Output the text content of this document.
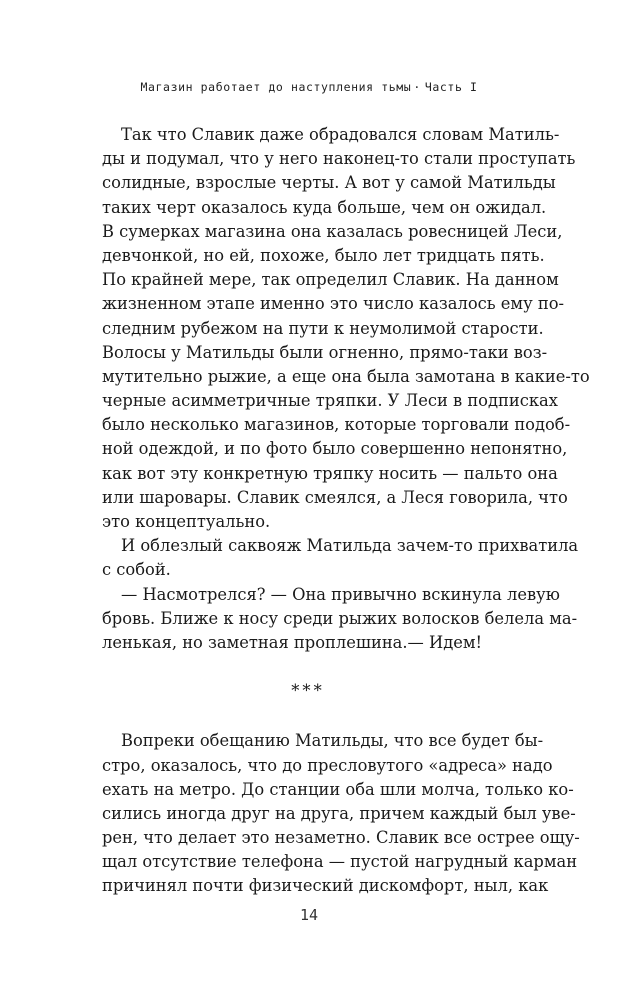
Магазин работает до наступления тьмы · Часть I
Так что Славик даже обрадовался словам Матиль-
ды и подумал, что у него наконец-то стали проступать
солидные, взрослые черты. А вот у самой Матильды
таких черт оказалось куда больше, чем он ожидал.
В сумерках магазина она казалась ровесницей Леси,
девчонкой, но ей, похоже, было лет тридцать пять.
По крайней мере, так определил Славик. На данном
жизненном этапе именно это число казалось ему по-
следним рубежом на пути к неумолимой старости.
Волосы у Матильды были огненно, прямо-таки воз-
мутительно рыжие, а еще она была замотана в какие-то
черные асимметричные тряпки. У Леси в подписках
было несколько магазинов, которые торговали подоб-
ной одеждой, и по фото было совершенно непонятно,
как вот эту конкретную тряпку носить — пальто она
или шаровары. Славик смеялся, а Леся говорила, что
это концептуально.
И облезлый саквояж Матильда зачем-то прихватила
с собой.
— Насмотрелся? — Она привычно вскинула левую
бровь. Ближе к носу среди рыжих волосков белела ма-
ленькая, но заметная проплешина.— Идем!
***
Вопреки обещанию Матильды, что все будет бы-
стро, оказалось, что до пресловутого «адреса» надо
ехать на метро. До станции оба шли молча, только ко-
сились иногда друг на друга, причем каждый был уве-
рен, что делает это незаметно. Славик все острее ощу-
щал отсутствие телефона — пустой нагрудный карман
причинял почти физический дискомфорт, ныл, как
14
